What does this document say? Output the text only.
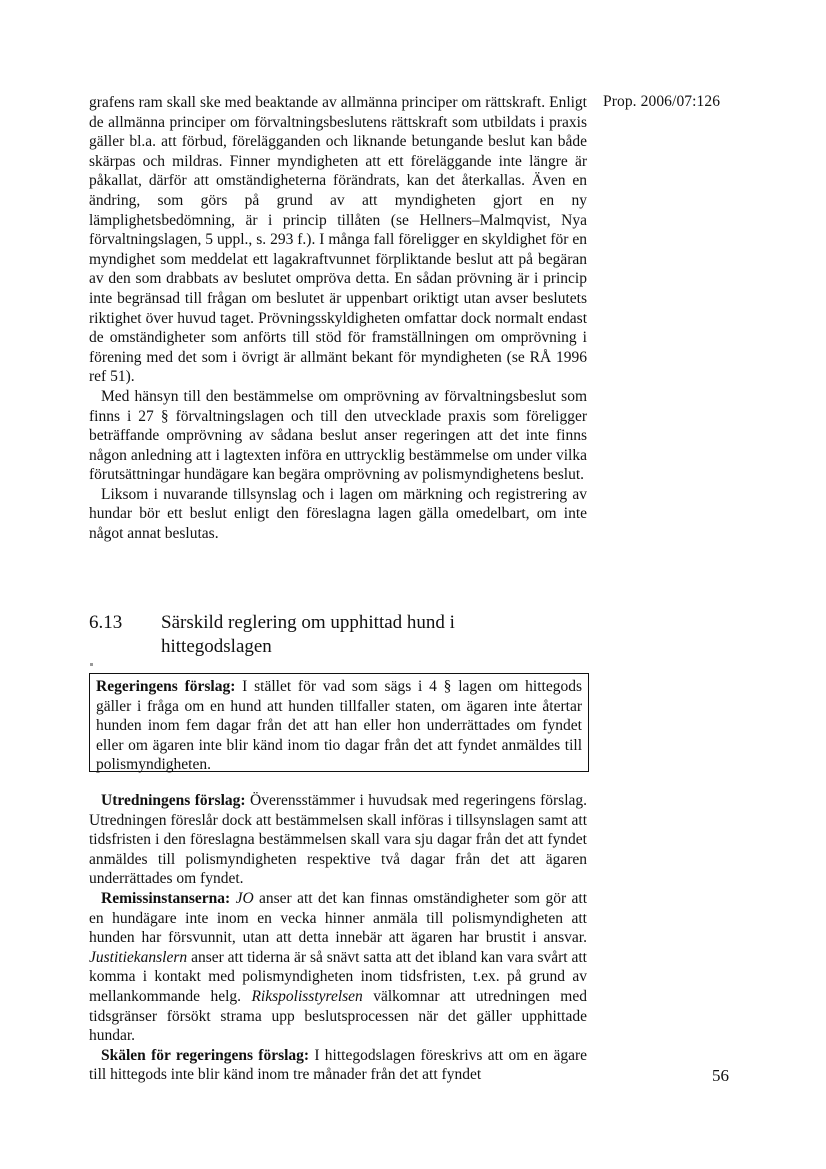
Prop. 2006/07:126

grafens ram skall ske med beaktande av allmänna principer om rättskraft. Enligt de allmänna principer om förvaltningsbeslutens rättskraft som utbildats i praxis gäller bl.a. att förbud, förelägganden och liknande betungande beslut kan både skärpas och mildras. Finner myndigheten att ett föreläggande inte längre är påkallat, därför att omständigheterna förändrats, kan det återkallas. Även en ändring, som görs på grund av att myndigheten gjort en ny lämplighetsbedömning, är i princip tillåten (se Hellners–Malmqvist, Nya förvaltningslagen, 5 uppl., s. 293 f.). I många fall föreligger en skyldighet för en myndighet som meddelat ett lagakraftvunnet förpliktande beslut att på begäran av den som drabbats av beslutet ompröva detta. En sådan prövning är i princip inte begränsad till frågan om beslutet är uppenbart oriktigt utan avser beslutets riktighet över huvud taget. Prövningsskyldigheten omfattar dock normalt endast de omständigheter som anförts till stöd för framställningen om omprövning i förening med det som i övrigt är allmänt bekant för myndigheten (se RÅ 1996 ref 51).

Med hänsyn till den bestämmelse om omprövning av förvaltningsbeslut som finns i 27 § förvaltningslagen och till den utvecklade praxis som föreligger beträffande omprövning av sådana beslut anser regeringen att det inte finns någon anledning att i lagtexten införa en uttrycklig bestämmelse om under vilka förutsättningar hundägare kan begära omprövning av polismyndighetens beslut.

Liksom i nuvarande tillsynslag och i lagen om märkning och registrering av hundar bör ett beslut enligt den föreslagna lagen gälla omedelbart, om inte något annat beslutas.

6.13 Särskild reglering om upphittad hund i hittegodslagen

Regeringens förslag: I stället för vad som sägs i 4 § lagen om hittegods gäller i fråga om en hund att hunden tillfaller staten, om ägaren inte återtar hunden inom fem dagar från det att han eller hon underrättades om fyndet eller om ägaren inte blir känd inom tio dagar från det att fyndet anmäldes till polismyndigheten.

Utredningens förslag: Överensstämmer i huvudsak med regeringens förslag. Utredningen föreslår dock att bestämmelsen skall införas i tillsynslagen samt att tidsfristen i den föreslagna bestämmelsen skall vara sju dagar från det att fyndet anmäldes till polismyndigheten respektive två dagar från det att ägaren underrättades om fyndet.

Remissinstanserna: JO anser att det kan finnas omständigheter som gör att en hundägare inte inom en vecka hinner anmäla till polismyndigheten att hunden har försvunnit, utan att detta innebär att ägaren har brustit i ansvar. Justitiekanslern anser att tiderna är så snävt satta att det ibland kan vara svårt att komma i kontakt med polismyndigheten inom tidsfristen, t.ex. på grund av mellankommande helg. Rikspolisstyrelsen välkomnar att utredningen med tidsgränser försökt strama upp beslutsprocessen när det gäller upphittade hundar.

Skälen för regeringens förslag: I hittegodslagen föreskrivs att om en ägare till hittegods inte blir känd inom tre månader från det att fyndet	56
